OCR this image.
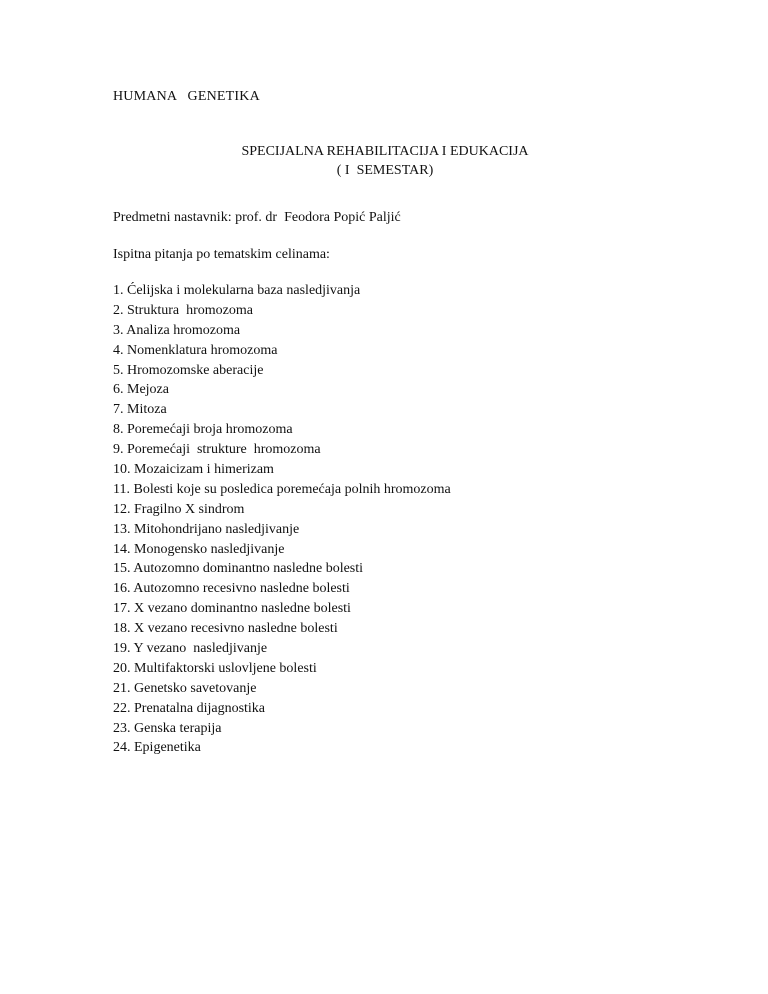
HUMANA   GENETIKA
SPECIJALNA REHABILITACIJA I EDUKACIJA
( I  SEMESTAR)
Predmetni nastavnik: prof. dr  Feodora Popić Paljić
Ispitna pitanja po tematskim celinama:
1. Ćelijska i molekularna baza nasledjivanja
2. Struktura  hromozoma
3. Analiza hromozoma
4. Nomenklatura hromozoma
5. Hromozomske aberacije
6. Mejoza
7. Mitoza
8. Poremećaji broja hromozoma
9. Poremećaji  strukture  hromozoma
10. Mozaicizam i himerizam
11. Bolesti koje su posledica poremećaja polnih hromozoma
12. Fragilno X sindrom
13. Mitohondrijano nasledjivanje
14. Monogensko nasledjivanje
15. Autozomno dominantno nasledne bolesti
16. Autozomno recesivno nasledne bolesti
17. X vezano dominantno nasledne bolesti
18. X vezano recesivno nasledne bolesti
19. Y vezano  nasledjivanje
20. Multifaktorski uslovljene bolesti
21. Genetsko savetovanje
22. Prenatalna dijagnostika
23. Genska terapija
24. Epigenetika
